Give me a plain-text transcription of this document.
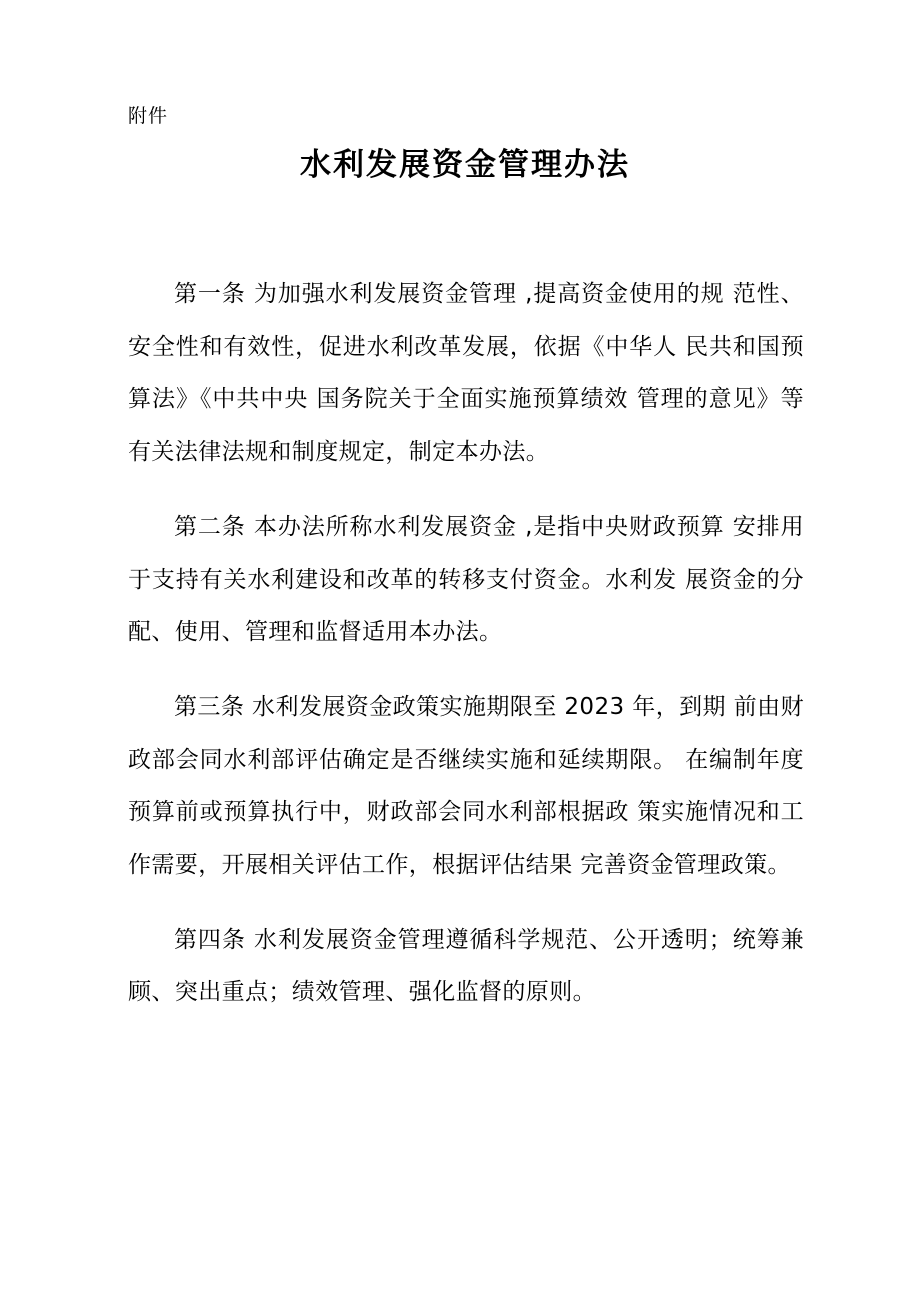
附件
水利发展资金管理办法

第一条 为加强水利发展资金管理 ,提高资金使用的规 范性、安全性和有效性，促进水利改革发展，依据《中华人 民共和国预算法》《中共中央 国务院关于全面实施预算绩效 管理的意见》等有关法律法规和制度规定，制定本办法。

第二条 本办法所称水利发展资金 ,是指中央财政预算 安排用于支持有关水利建设和改革的转移支付资金。水利发 展资金的分配、使用、管理和监督适用本办法。

第三条 水利发展资金政策实施期限至 2023 年，到期 前由财政部会同水利部评估确定是否继续实施和延续期限。 在编制年度预算前或预算执行中，财政部会同水利部根据政 策实施情况和工作需要，开展相关评估工作，根据评估结果 完善资金管理政策。

第四条 水利发展资金管理遵循科学规范、公开透明；统筹兼顾、突出重点；绩效管理、强化监督的原则。
